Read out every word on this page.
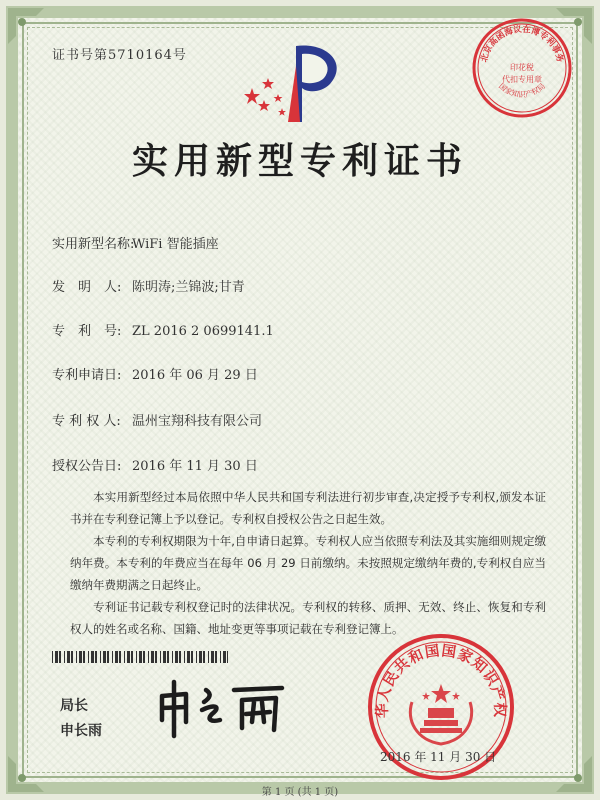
证书号第5710164号	北京高函海议在博专利事务
印花税
代扣专用章
国家知识产权局
实用新型专利证书
实用新型名称:WiFi 智能插座
发　明　人: 陈明涛;兰锦波;甘青
专　利　号: ZL 2016 2 0699141.1
专利申请日: 2016 年 06 月 29 日
专 利 权 人: 温州宝翔科技有限公司
授权公告日: 2016 年 11 月 30 日

本实用新型经过本局依照中华人民共和国专利法进行初步审查,决定授予专利权,颁发本证书并在专利登记簿上予以登记。专利权自授权公告之日起生效。

本专利的专利权期限为十年,自申请日起算。专利权人应当依照专利法及其实施细则规定缴纳年费。本专利的年费应当在每年 06 月 29 日前缴纳。未按照规定缴纳年费的,专利权自应当缴纳年费期满之日起终止。

专利证书记载专利权登记时的法律状况。专利权的转移、质押、无效、终止、恢复和专利权人的姓名或名称、国籍、地址变更等事项记载在专利登记簿上。

局长
申长雨
华人民共和国国家知识产权
2016 年 11 月 30 日
第 1 页 (共 1 页)
